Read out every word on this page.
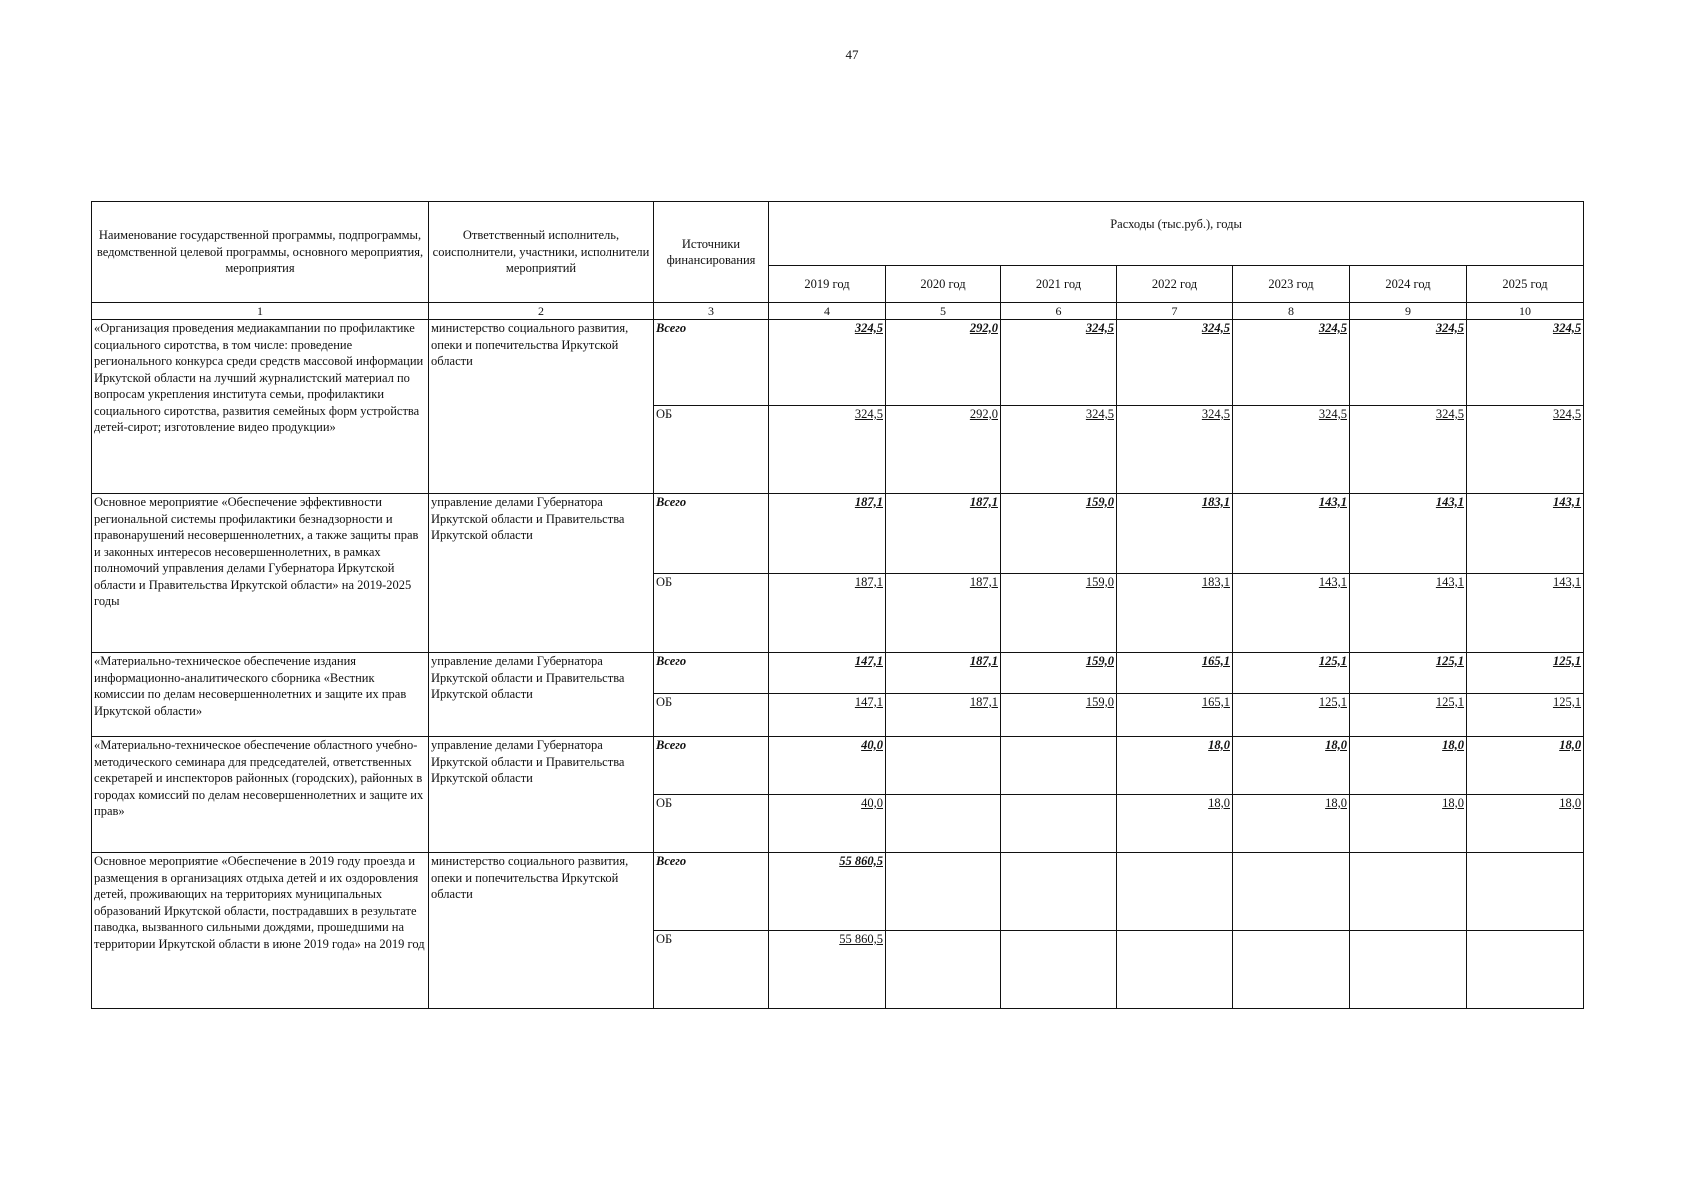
47
Наименование государственной программы, подпрограммы, ведомственной целевой программы, основного мероприятия, мероприятия	Ответственный исполнитель, соисполнители, участники, исполнители мероприятий	Источники финансирования	Расходы (тыс.руб.), годы						
			2019 год	2020 год	2021 год	2022 год	2023 год	2024 год	2025 год
1	2	3	4	5	6	7	8	9	10
«Организация проведения медиакампании по профилактике социального сиротства, в том числе: проведение регионального конкурса среди средств массовой информации Иркутской области на лучший журналистский материал по вопросам укрепления института семьи, профилактики социального сиротства, развития семейных форм устройства детей-сирот; изготовление видео продукции»	министерство социального развития, опеки и попечительства Иркутской области	Всего	324,5	292,0	324,5	324,5	324,5	324,5	324,5
		ОБ	324,5	292,0	324,5	324,5	324,5	324,5	324,5
Основное мероприятие «Обеспечение эффективности региональной системы профилактики безнадзорности и правонарушений несовершеннолетних, а также защиты прав и законных интересов несовершеннолетних, в рамках полномочий управления делами Губернатора Иркутской области и Правительства Иркутской области» на 2019-2025 годы	управление делами Губернатора Иркутской области и Правительства Иркутской области	Всего	187,1	187,1	159,0	183,1	143,1	143,1	143,1
		ОБ	187,1	187,1	159,0	183,1	143,1	143,1	143,1
«Материально-техническое обеспечение издания информационно-аналитического сборника «Вестник комиссии по делам несовершеннолетних и защите их прав Иркутской области»	управление делами Губернатора Иркутской области и Правительства Иркутской области	Всего	147,1	187,1	159,0	165,1	125,1	125,1	125,1
		ОБ	147,1	187,1	159,0	165,1	125,1	125,1	125,1
«Материально-техническое обеспечение областного учебно-методического семинара для председателей, ответственных секретарей и инспекторов районных (городских), районных в городах комиссий по делам несовершеннолетних и защите их прав»	управление делами Губернатора Иркутской области и Правительства Иркутской области	Всего	40,0			18,0	18,0	18,0	18,0
		ОБ	40,0			18,0	18,0	18,0	18,0
Основное мероприятие «Обеспечение в 2019 году проезда и размещения в организациях отдыха детей и их оздоровления детей, проживающих на территориях муниципальных образований Иркутской области, пострадавших в результате паводка, вызванного сильными дождями, прошедшими на территории Иркутской области в июне 2019 года» на 2019 год	министерство социального развития, опеки и попечительства Иркутской области	Всего	55 860,5						
		ОБ	55 860,5						
